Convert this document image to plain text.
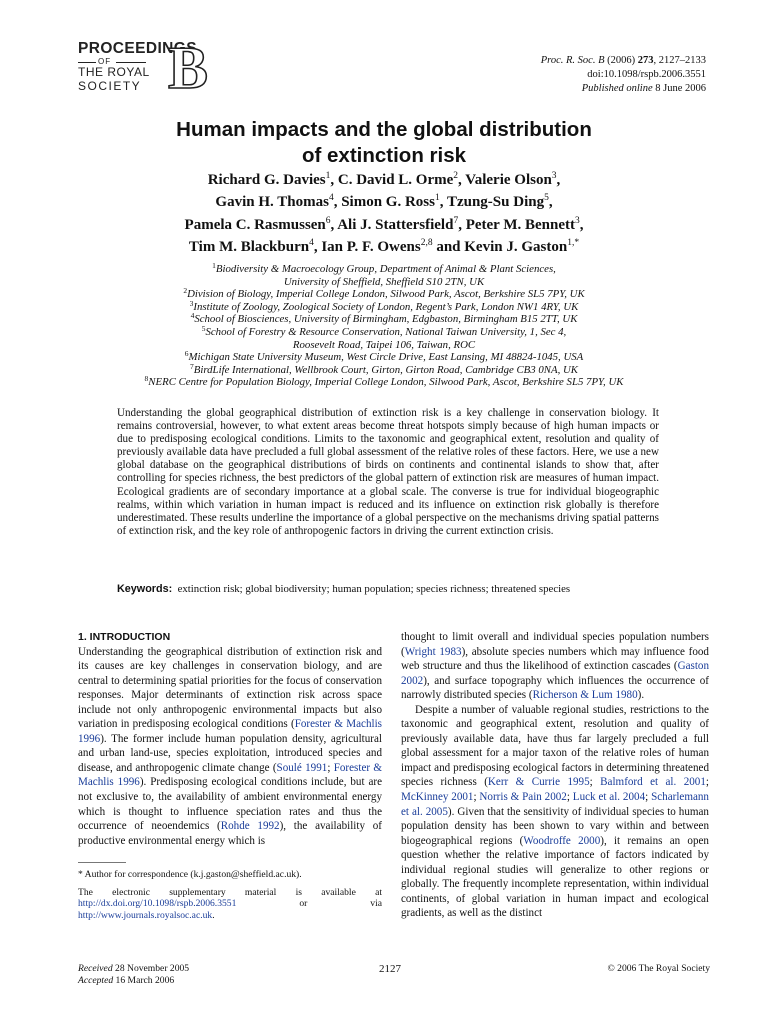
PROCEEDINGS
OF
THE ROYAL
SOCIETY B	Proc. R. Soc. B (2006) 273, 2127–2133
doi:10.1098/rspb.2006.3551
Published online 8 June 2006
Human impacts and the global distribution
of extinction risk
Richard G. Davies$^1$, C. David L. Orme$^2$, Valerie Olson$^3$,
Gavin H. Thomas$^4$, Simon G. Ross$^1$, Tzung-Su Ding$^5$,
Pamela C. Rasmussen$^6$, Ali J. Stattersfield$^7$, Peter M. Bennett$^3$,
Tim M. Blackburn$^4$, Ian P. F. Owens$^{2,8}$ and Kevin J. Gaston$^{1,*}$
$^1$Biodiversity & Macroecology Group, Department of Animal & Plant Sciences,
University of Sheffield, Sheffield S10 2TN, UK
$^2$Division of Biology, Imperial College London, Silwood Park, Ascot, Berkshire SL5 7PY, UK
$^3$Institute of Zoology, Zoological Society of London, Regent’s Park, London NW1 4RY, UK
$^4$School of Biosciences, University of Birmingham, Edgbaston, Birmingham B15 2TT, UK
$^5$School of Forestry & Resource Conservation, National Taiwan University, 1, Sec 4,
Roosevelt Road, Taipei 106, Taiwan, ROC
$^6$Michigan State University Museum, West Circle Drive, East Lansing, MI 48824-1045, USA
$^7$BirdLife International, Wellbrook Court, Girton, Girton Road, Cambridge CB3 0NA, UK
$^8$NERC Centre for Population Biology, Imperial College London, Silwood Park, Ascot, Berkshire SL5 7PY, UK

Understanding the global geographical distribution of extinction risk is a key challenge in conservation biology. It remains controversial, however, to what extent areas become threat hotspots simply because of high human impacts or due to predisposing ecological conditions. Limits to the taxonomic and geographical extent, resolution and quality of previously available data have precluded a full global assessment of the relative roles of these factors. Here, we use a new global database on the geographical distributions of birds on continents and continental islands to show that, after controlling for species richness, the best predictors of the global pattern of extinction risk are measures of human impact. Ecological gradients are of secondary importance at a global scale. The converse is true for individual biogeographic realms, within which variation in human impact is reduced and its influence on extinction risk globally is therefore underestimated. These results underline the importance of a global perspective on the mechanisms driving spatial patterns of extinction risk, and the key role of anthropogenic factors in driving the current extinction crisis.

Keywords: extinction risk; global biodiversity; human population; species richness; threatened species
1. INTRODUCTION

Understanding the geographical distribution of extinction risk and its causes are key challenges in conservation biology, and are central to determining spatial priorities for the focus of conservation responses. Major determinants of extinction risk across space include not only anthropogenic environmental impacts but also variation in predisposing ecological conditions (Forester & Machlis 1996). The former include human population density, agricultural and urban land-use, species exploitation, introduced species and disease, and anthropogenic climate change (Soulé 1991; Forester & Machlis 1996). Predisposing ecological conditions include, but are not exclusive to, the availability of ambient environmental energy which is thought to influence speciation rates and thus the occurrence of neoendemics (Rohde 1992), the availability of productive environmental energy which is

thought to limit overall and individual species population numbers (Wright 1983), absolute species numbers which may influence food web structure and thus the likelihood of extinction cascades (Gaston 2002), and surface topography which influences the occurrence of narrowly distributed species (Richerson & Lum 1980).

Despite a number of valuable regional studies, restrictions to the taxonomic and geographical extent, resolution and quality of previously available data, have thus far largely precluded a full global assessment for a major taxon of the relative roles of human impact and predisposing ecological factors in determining threatened species richness (Kerr & Currie 1995; Balmford et al. 2001; McKinney 2001; Norris & Pain 2002; Luck et al. 2004; Scharlemann et al. 2005). Given that the sensitivity of individual species to human population density has been shown to vary within and between biogeographical regions (Woodroffe 2000), it remains an open question whether the relative importance of factors indicated by individual regional studies will generalize to other regions or globally. The frequently incomplete representation, within individual continents, of global variation in human impact and ecological gradients, as well as the distinct

* Author for correspondence (k.j.gaston@sheffield.ac.uk).

The electronic supplementary material is available at http://dx.doi.org/10.1098/rspb.2006.3551 or via http://www.journals.royalsoc.ac.uk.

Received 28 November 2005
Accepted 16 March 2006
2127	© 2006 The Royal Society
